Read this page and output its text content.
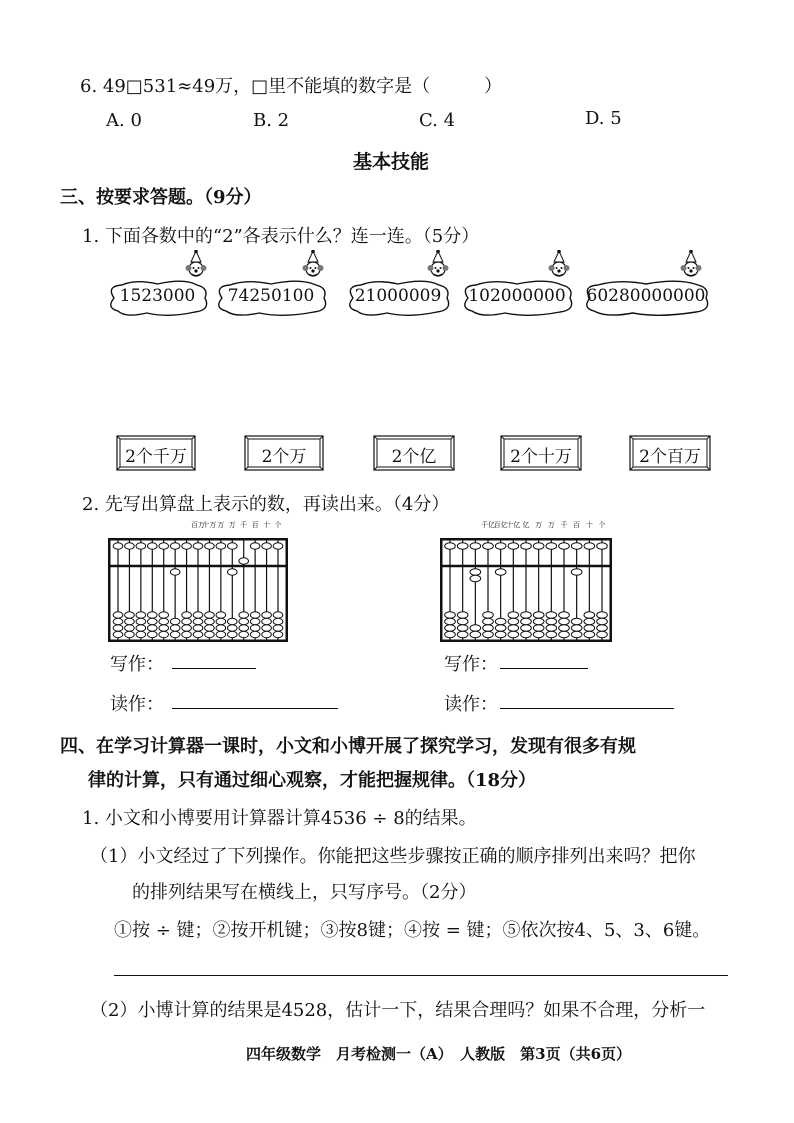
6. 49□531≈49万，□里不能填的数字是（　　　）
A. 0	B. 2	C. 4	D. 5
基本技能
三、按要求答题。（9分）
1. 下面各数中的“2”各表示什么？连一连。（5分）
1523000	74250100	21000009	102000000	60280000000
2个千万	2个万	2个亿	2个十万	2个百万
2. 先写出算盘上表示的数，再读出来。（4分）
百万
十万 万 万 千 百 十 个	千亿
百亿
十亿 亿 万 万 千 百 十 个
写作：	写作：
读作：	读作：
四、在学习计算器一课时，小文和小博开展了探究学习，发现有很多有规
律的计算，只有通过细心观察，才能把握规律。（18分）
1. 小文和小博要用计算器计算4536 ÷ 8的结果。
（1）小文经过了下列操作。你能把这些步骤按正确的顺序排列出来吗？把你
的排列结果写在横线上，只写序号。（2分）
①按 ÷ 键；②按开机键；③按8键；④按 = 键；⑤依次按4、5、3、6键。
（2）小博计算的结果是4528，估计一下，结果合理吗？如果不合理，分析一
四年级数学　月考检测一（A）　人教版　第3页（共6页）
